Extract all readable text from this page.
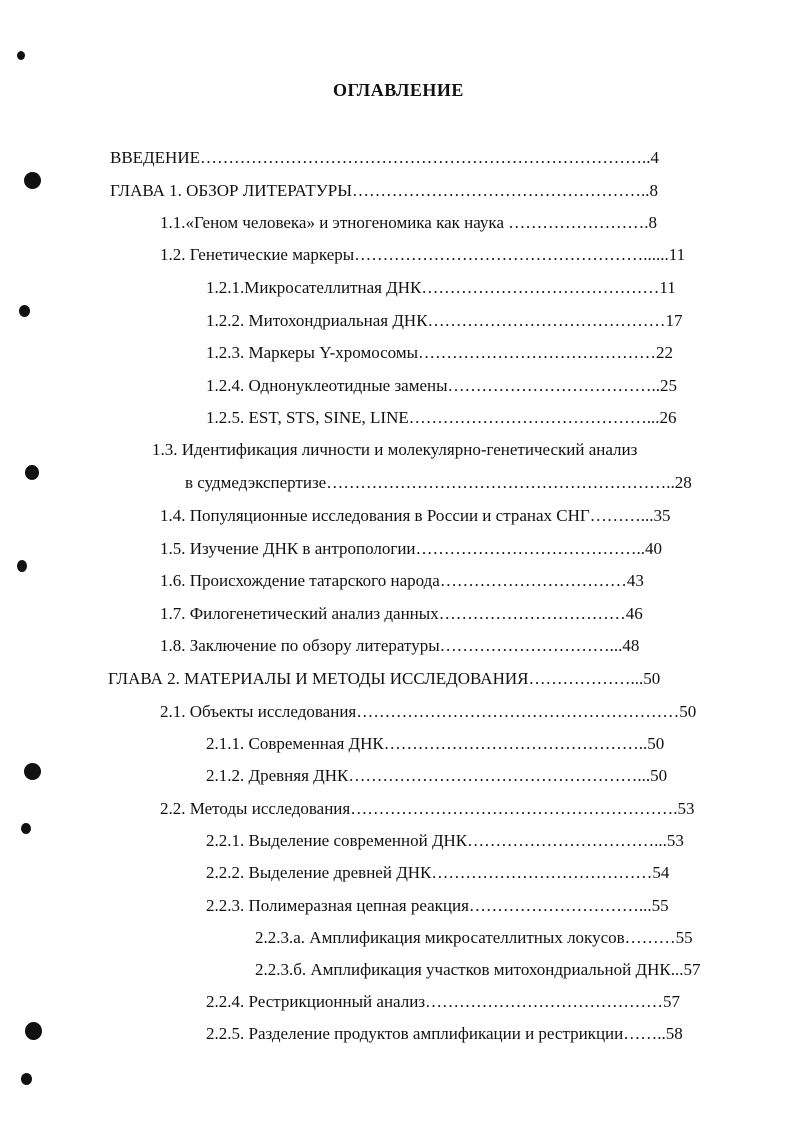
ОГЛАВЛЕНИЕ
ВВЕДЕНИЕ……………………………………………………………………..4
ГЛАВА 1. ОБЗОР ЛИТЕРАТУРЫ……………………………………………..8
1.1.«Геном человека» и этногеномика как наука …………………….8
1.2. Генетические маркеры……………………………………………......11
1.2.1.Микросателлитная ДНК……………………………………11
1.2.2. Митохондриальная ДНК……………………………………17
1.2.3. Маркеры Y-хромосомы……………………………………22
1.2.4. Однонуклеотидные замены………………………………..25
1.2.5. EST, STS, SINE, LINE……………………………………...26
1.3. Идентификация личности и молекулярно-генетический анализ
в судмедэкспертизе……………………………………………………..28
1.4. Популяционные исследования в России и странах СНГ………...35
1.5. Изучение ДНК в антропологии…………………………………..40
1.6. Происхождение татарского народа……………………………43
1.7. Филогенетический анализ данных……………………………46
1.8. Заключение по обзору литературы…………………………...48
ГЛАВА 2. МАТЕРИАЛЫ И МЕТОДЫ ИССЛЕДОВАНИЯ………………...50
2.1. Объекты исследования…………………………………………………50
2.1.1. Современная ДНК………………………………………..50
2.1.2. Древняя ДНК……………………………………………...50
2.2. Методы исследования………………………………………………….53
2.2.1. Выделение современной ДНК……………………………...53
2.2.2. Выделение древней ДНК…………………………………54
2.2.3. Полимеразная цепная реакция…………………………...55
2.2.3.а. Амплификация микросателлитных локусов………55
2.2.3.б. Амплификация участков митохондриальной ДНК...57
2.2.4. Рестрикционный анализ……………………………………57
2.2.5. Разделение продуктов амплификации и рестрикции……..58
